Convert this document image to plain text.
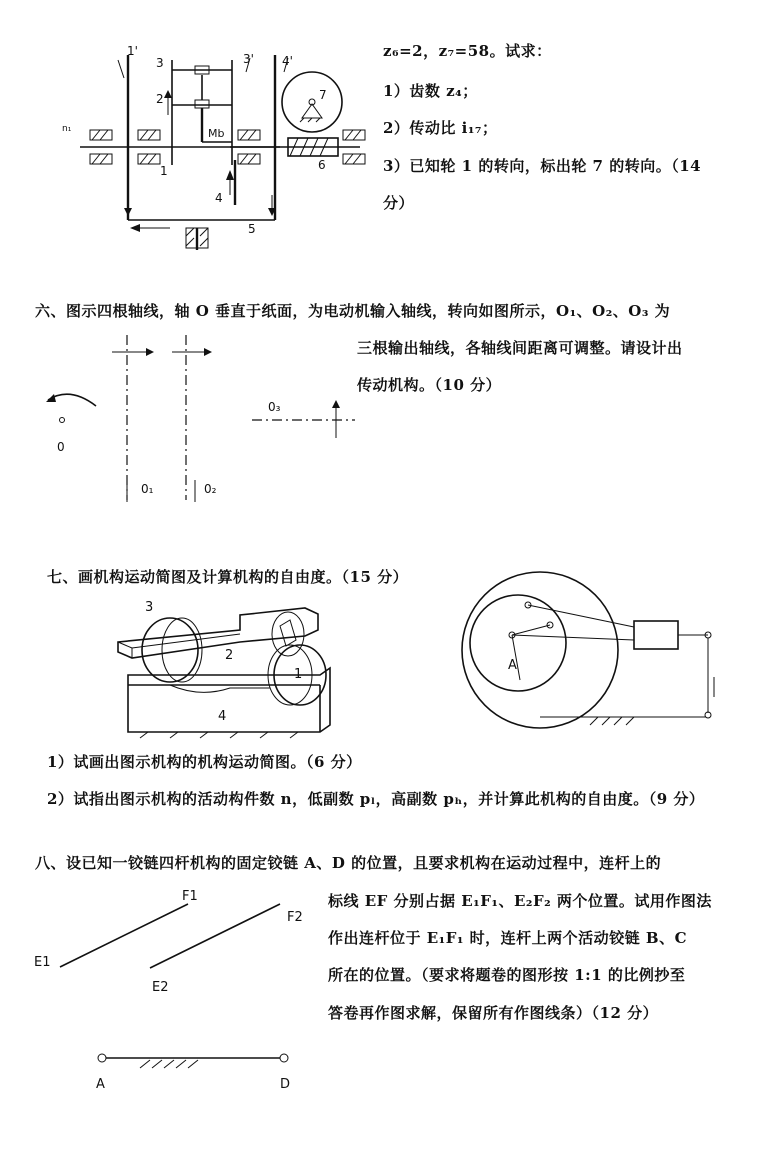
1'
3	3' 4'
2	7
n₁	Mb
1	6
4
5
z₆=2，z₇=58。试求：
1）齿数 z₄；
2）传动比 i₁₇；
3）已知轮 1 的转向，标出轮 7 的转向。（14
分）
六、图示四根轴线，轴 O 垂直于纸面，为电动机输入轴线，转向如图所示，O₁、O₂、O₃ 为
三根输出轴线，各轴线间距离可调整。请设计出
传动机构。（10 分）
0
0₁	0₂
0₃
七、画机构运动简图及计算机构的自由度。（15 分）
3
2
1
4
A
1）试画出图示机构的机构运动简图。（6 分）
2）试指出图示机构的活动构件数 n，低副数 pₗ，高副数 pₕ，并计算此机构的自由度。（9 分）
八、设已知一铰链四杆机构的固定铰链 A、D 的位置，且要求机构在运动过程中，连杆上的
标线 EF 分别占据 E₁F₁、E₂F₂ 两个位置。试用作图法
作出连杆位于 E₁F₁ 时，连杆上两个活动铰链 B、C
所在的位置。（要求将题卷的图形按 1:1 的比例抄至
答卷再作图求解，保留所有作图线条）（12 分）
F1
F2
E1
E2
A	D
